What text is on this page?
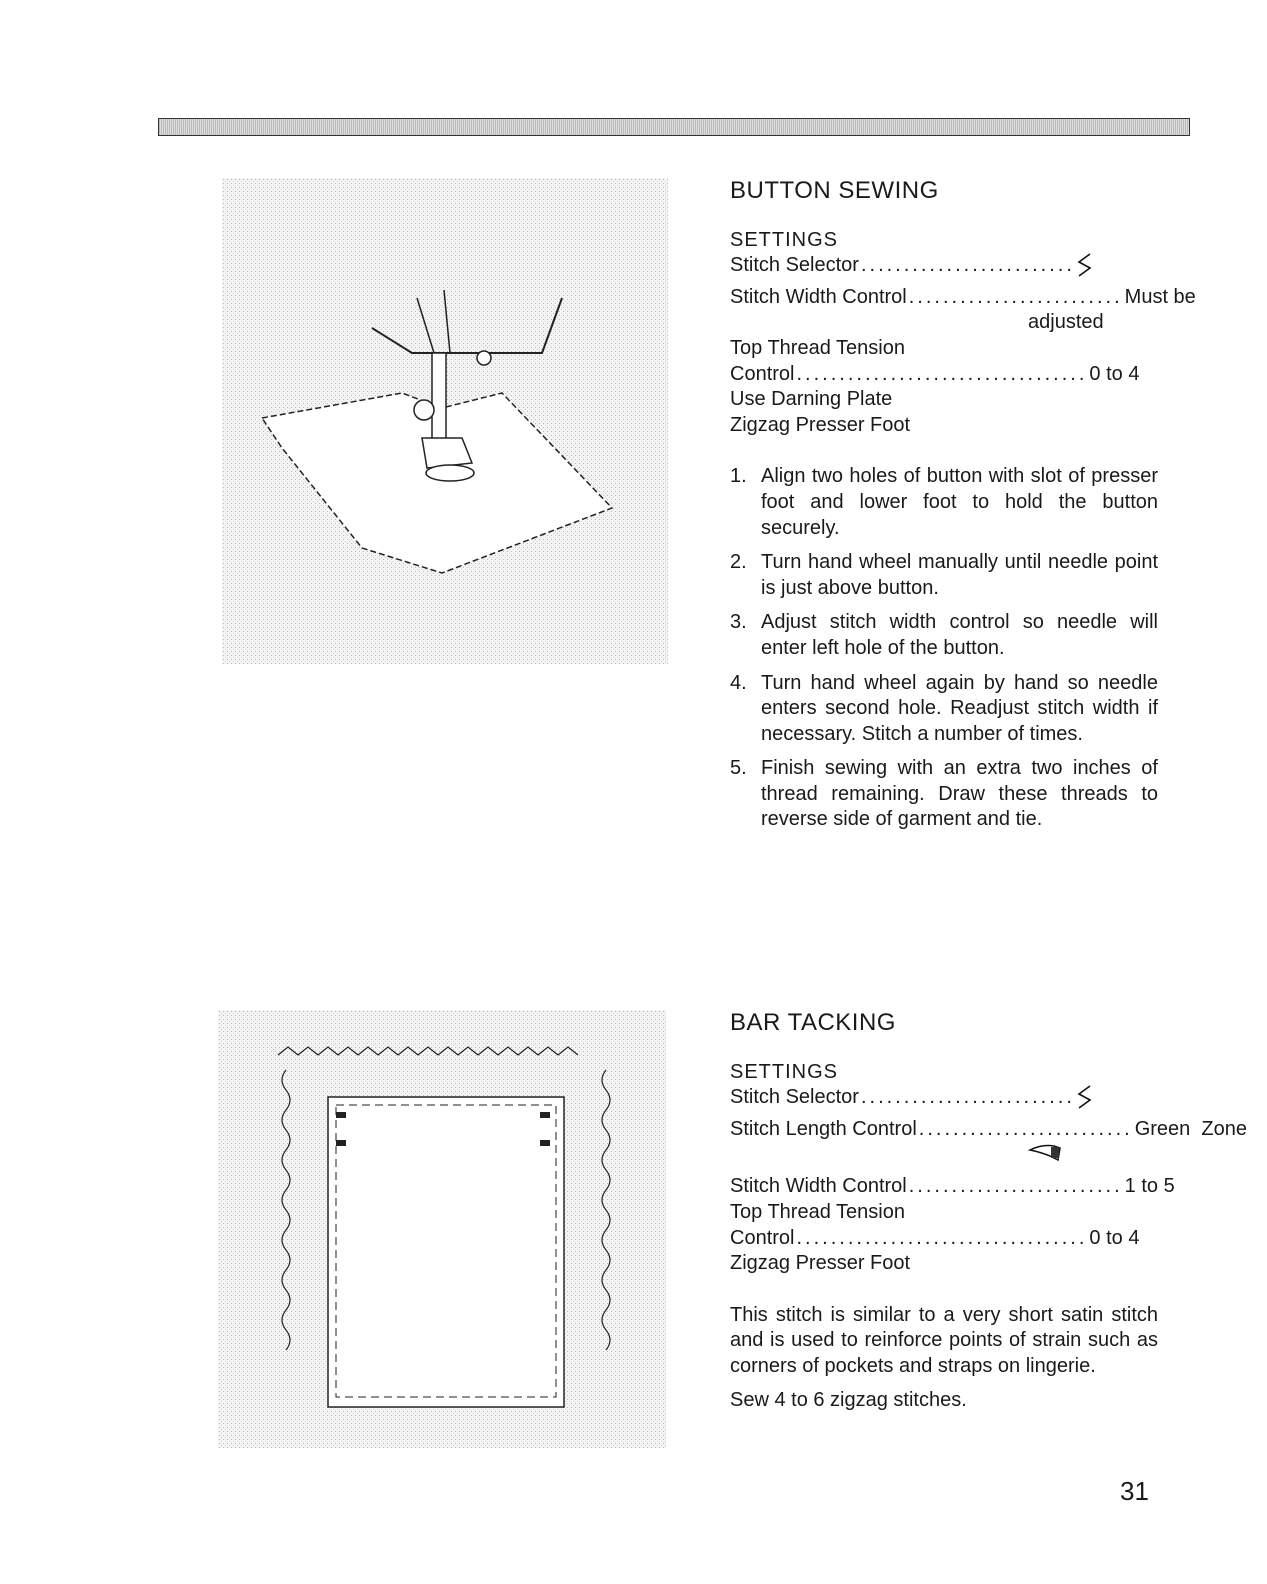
BUTTON SEWING
SETTINGS
Stitch Selector .........................
Stitch Width Control ......................... Must be
adjusted
Top Thread Tension
Control .................................. 0 to 4
Use Darning Plate
Zigzag Presser Foot
1. Align two holes of button with slot of presser foot and lower foot to hold the button securely.
2. Turn hand wheel manually until needle point is just above button.
3. Adjust stitch width control so needle will enter left hole of the button.
4. Turn hand wheel again by hand so needle enters second hole. Readjust stitch width if necessary. Stitch a number of times.
5. Finish sewing with an extra two inches of thread remaining. Draw these threads to reverse side of garment and tie.
BAR TACKING
SETTINGS
Stitch Selector .........................
Stitch Length Control ......................... Green  Zone
Stitch Width Control ......................... 1 to 5
Top Thread Tension
Control .................................. 0 to 4
Zigzag Presser Foot

This stitch is similar to a very short satin stitch and is used to reinforce points of strain such as corners of pockets and straps on lingerie.

Sew 4 to 6 zigzag stitches.

31
